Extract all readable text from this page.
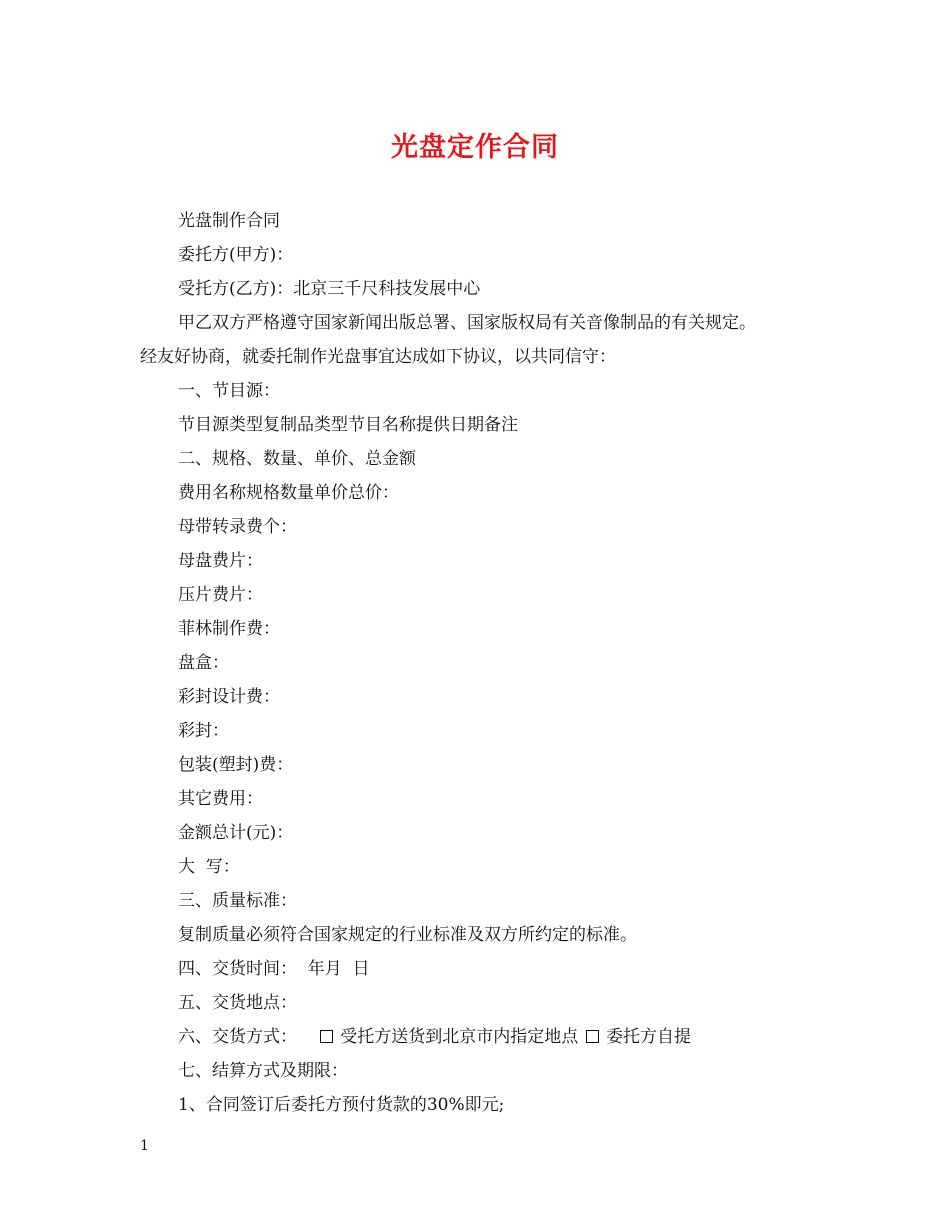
光盘定作合同
光盘制作合同
委托方(甲方)：
受托方(乙方)：北京三千尺科技发展中心
甲乙双方严格遵守国家新闻出版总署、国家版权局有关音像制品的有关规定。
经友好协商，就委托制作光盘事宜达成如下协议，以共同信守：
一、节目源：
节目源类型复制品类型节目名称提供日期备注
二、规格、数量、单价、总金额
费用名称规格数量单价总价：
母带转录费个：
母盘费片：
压片费片：
菲林制作费：
盘盒：
彩封设计费：
彩封：
包装(塑封)费：
其它费用：
金额总计(元)：
大  写：
三、质量标准：
复制质量必须符合国家规定的行业标准及双方所约定的标准。
四、交货时间：  年月  日
五、交货地点：
六、交货方式：	受托方送货到北京市内指定地点 委托方自提
七、结算方式及期限：
1、合同签订后委托方预付货款的30%即元;
1
